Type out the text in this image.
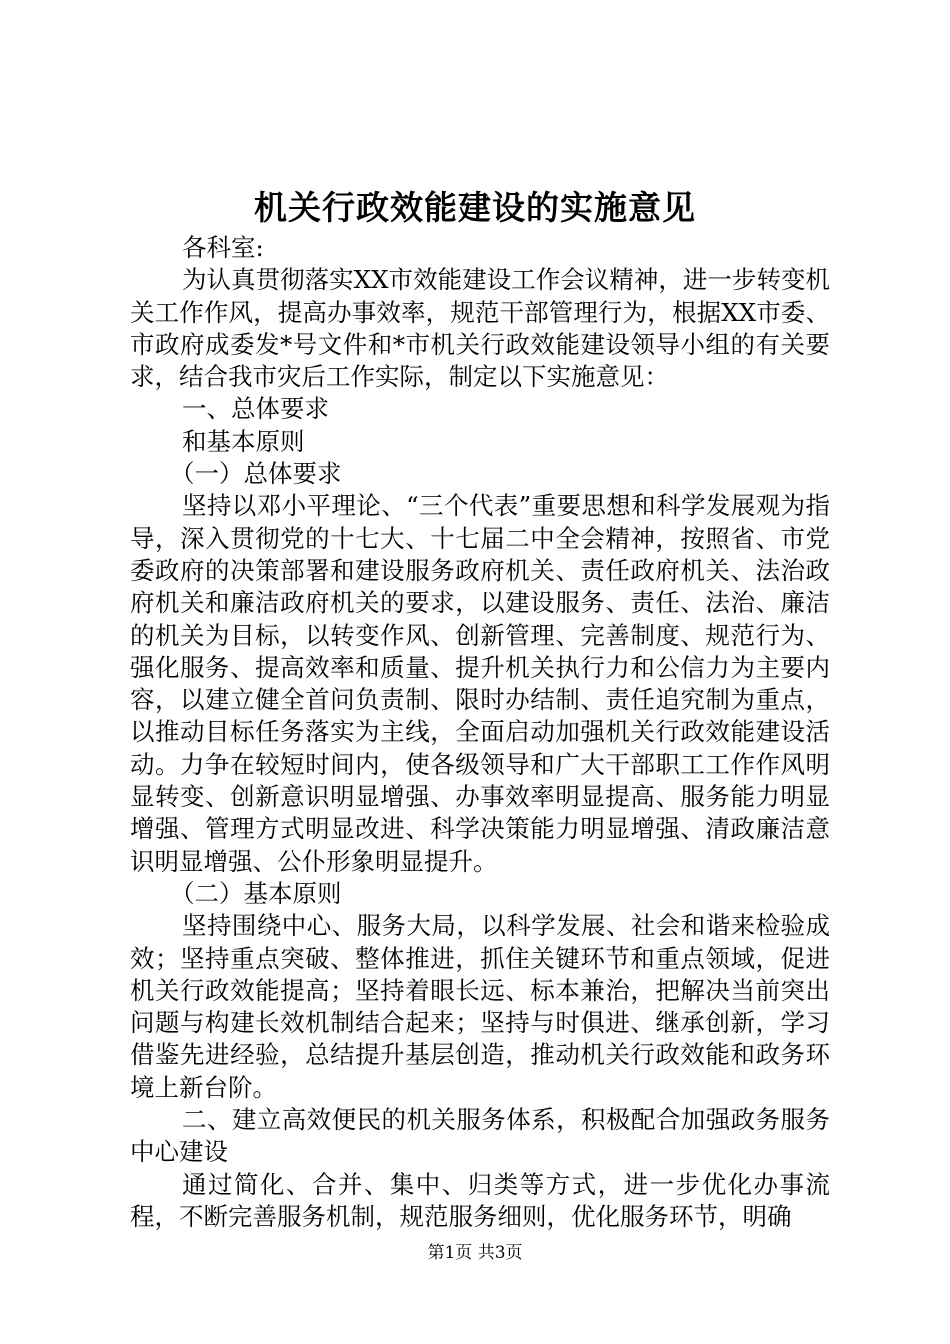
机关行政效能建设的实施意见

各科室:

为认真贯彻落实XX市效能建设工作会议精神，进一步转变机关工作作风，提高办事效率，规范干部管理行为，根据XX市委、市政府成委发*号文件和*市机关行政效能建设领导小组的有关要求，结合我市灾后工作实际，制定以下实施意见：

一、总体要求

和基本原则

（一）总体要求

坚持以邓小平理论、“三个代表”重要思想和科学发展观为指导，深入贯彻党的十七大、十七届二中全会精神，按照省、市党委政府的决策部署和建设服务政府机关、责任政府机关、法治政府机关和廉洁政府机关的要求，以建设服务、责任、法治、廉洁的机关为目标，以转变作风、创新管理、完善制度、规范行为、强化服务、提高效率和质量、提升机关执行力和公信力为主要内容，以建立健全首问负责制、限时办结制、责任追究制为重点，以推动目标任务落实为主线，全面启动加强机关行政效能建设活动。力争在较短时间内，使各级领导和广大干部职工工作作风明显转变、创新意识明显增强、办事效率明显提高、服务能力明显增强、管理方式明显改进、科学决策能力明显增强、清政廉洁意识明显增强、公仆形象明显提升。

（二）基本原则

坚持围绕中心、服务大局，以科学发展、社会和谐来检验成效；坚持重点突破、整体推进，抓住关键环节和重点领域，促进机关行政效能提高；坚持着眼长远、标本兼治，把解决当前突出问题与构建长效机制结合起来；坚持与时俱进、继承创新，学习借鉴先进经验，总结提升基层创造，推动机关行政效能和政务环境上新台阶。

二、建立高效便民的机关服务体系，积极配合加强政务服务中心建设

通过简化、合并、集中、归类等方式，进一步优化办事流程，不断完善服务机制，规范服务细则，优化服务环节，明确

第1页 共3页
